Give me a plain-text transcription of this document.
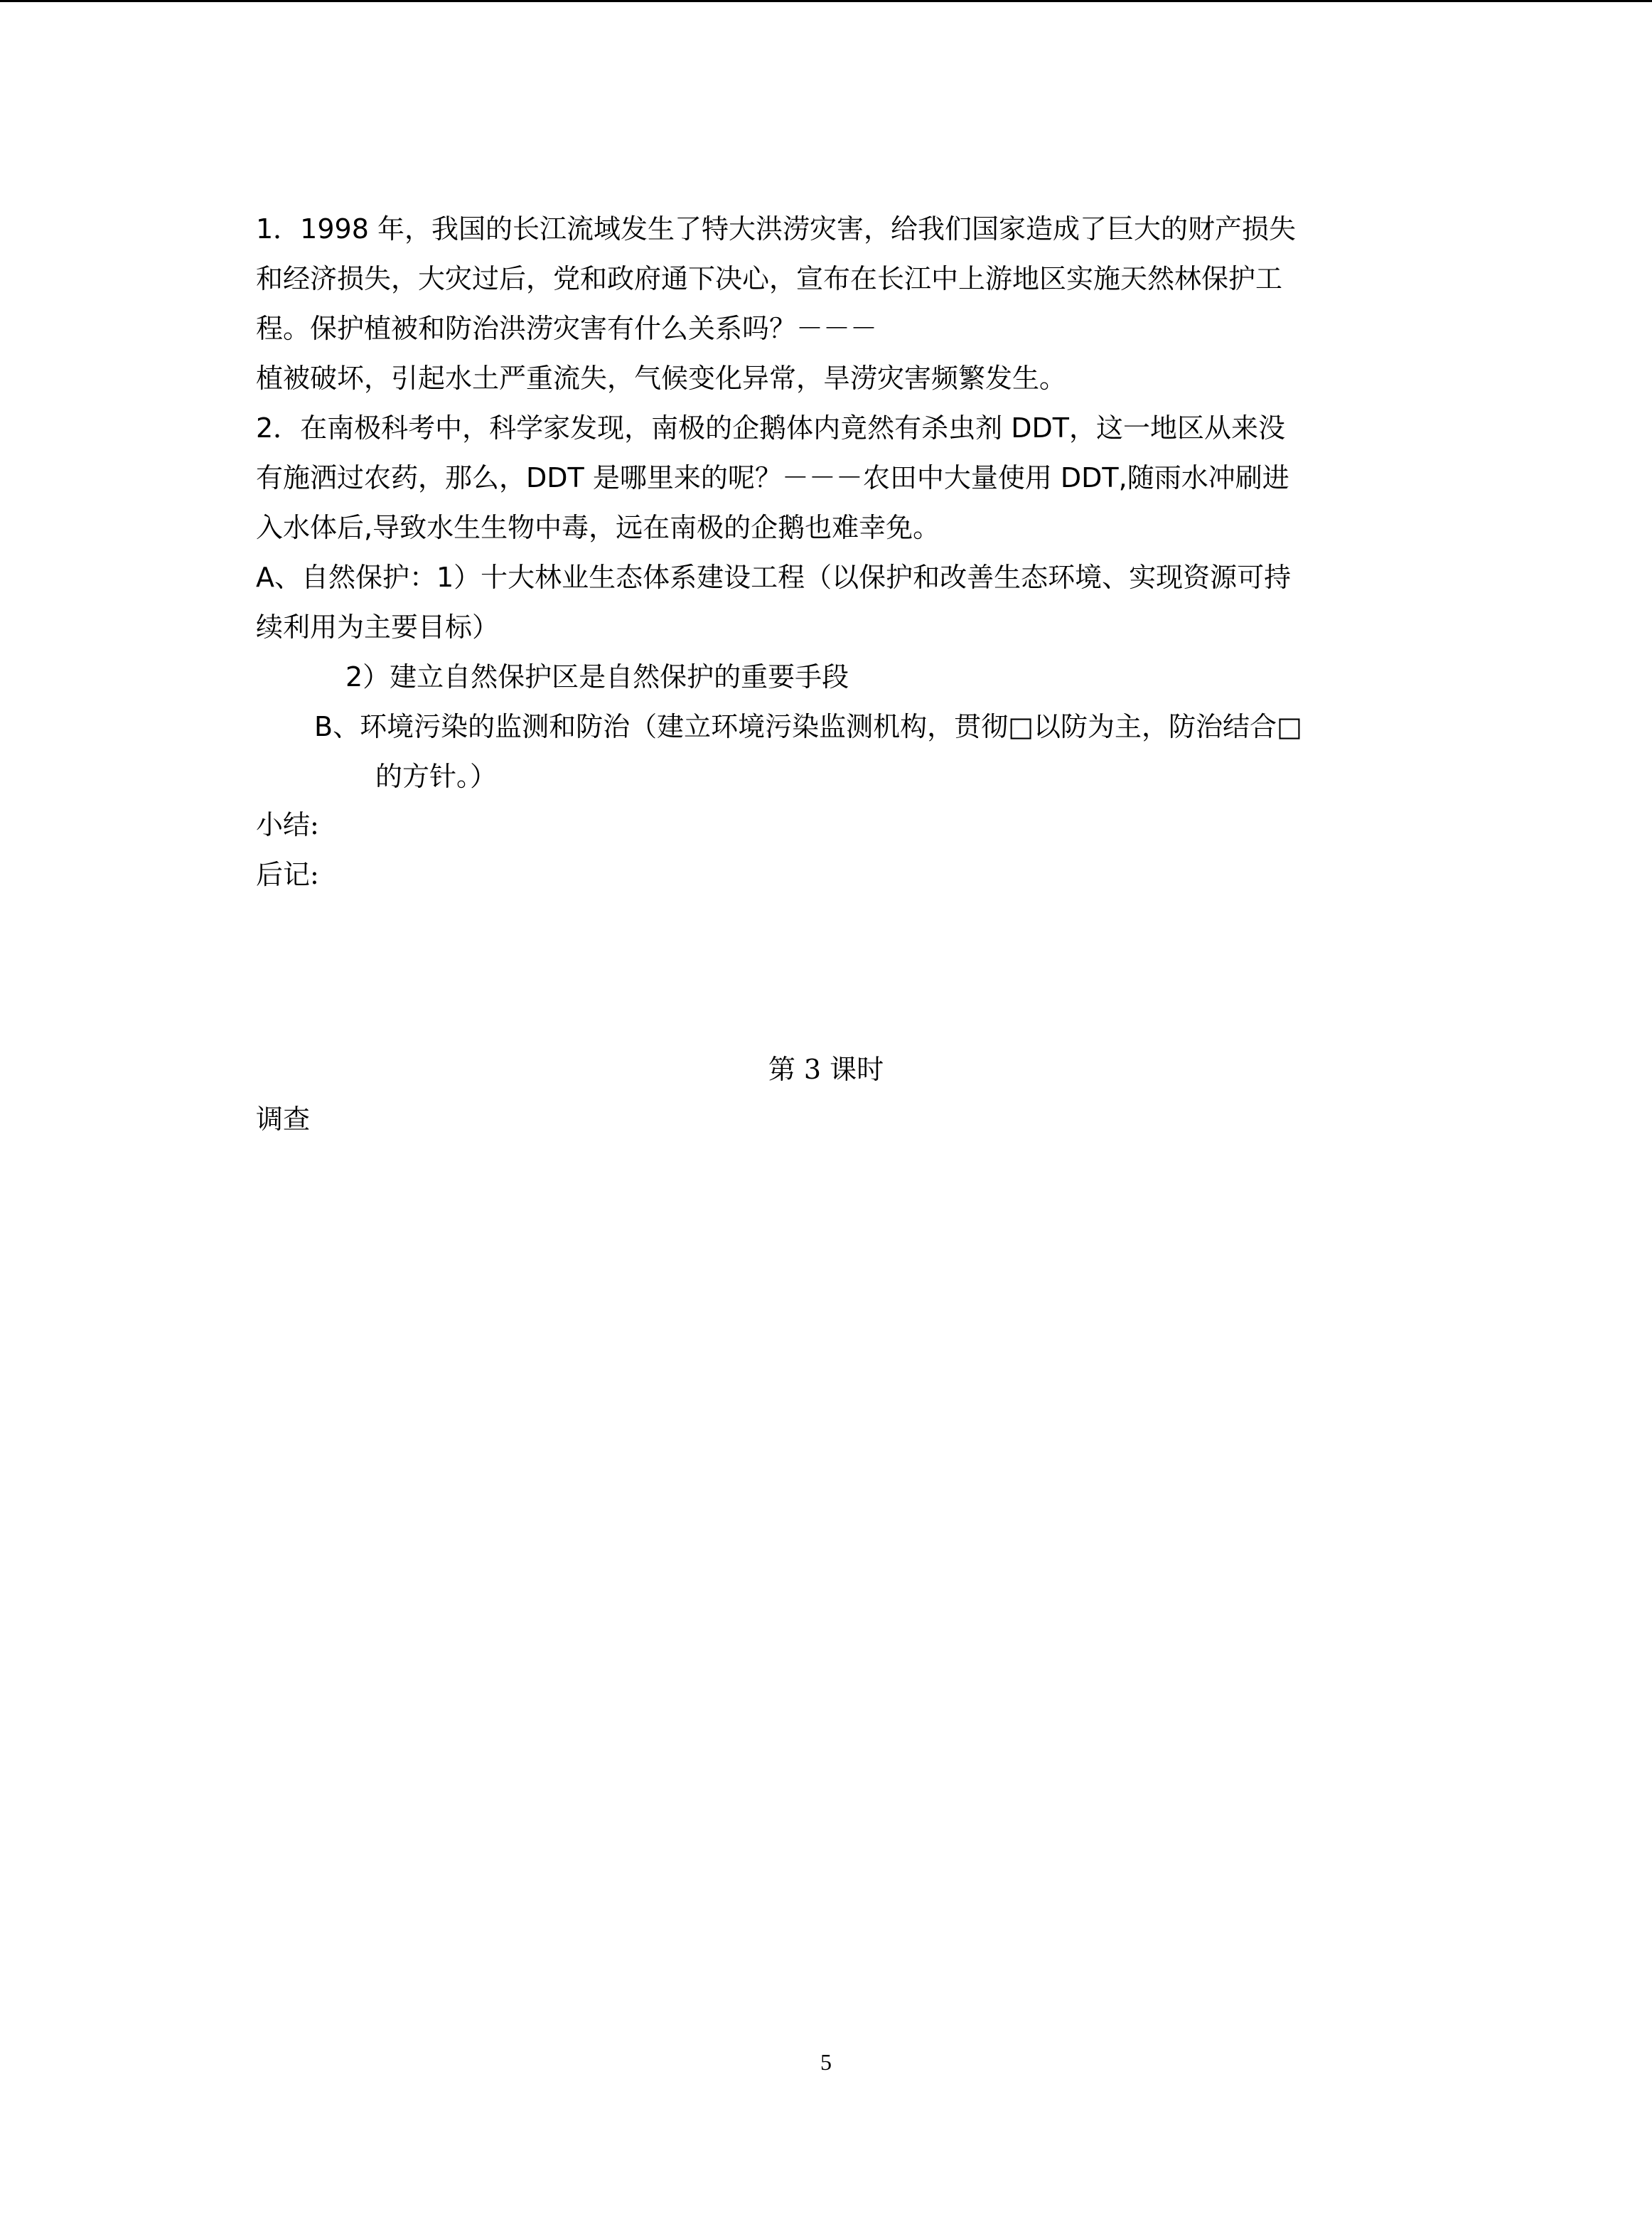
1．1998 年，我国的长江流域发生了特大洪涝灾害，给我们国家造成了巨大的财产损失
和经济损失，大灾过后，党和政府通下决心，宣布在长江中上游地区实施天然林保护工
程。保护植被和防治洪涝灾害有什么关系吗？－－－
植被破坏，引起水土严重流失，气候变化异常，旱涝灾害频繁发生。
2．在南极科考中，科学家发现，南极的企鹅体内竟然有杀虫剂 DDT，这一地区从来没
有施洒过农药，那么，DDT 是哪里来的呢？－－－农田中大量使用 DDT,随雨水冲刷进
入水体后,导致水生生物中毒，远在南极的企鹅也难幸免。
A、自然保护：1）十大林业生态体系建设工程（以保护和改善生态环境、实现资源可持
续利用为主要目标）
2）建立自然保护区是自然保护的重要手段
B、环境污染的监测和防治（建立环境污染监测机构，贯彻□以防为主，防治结合□
的方针。）
小结:
后记:
第 3 课时
调查
5
